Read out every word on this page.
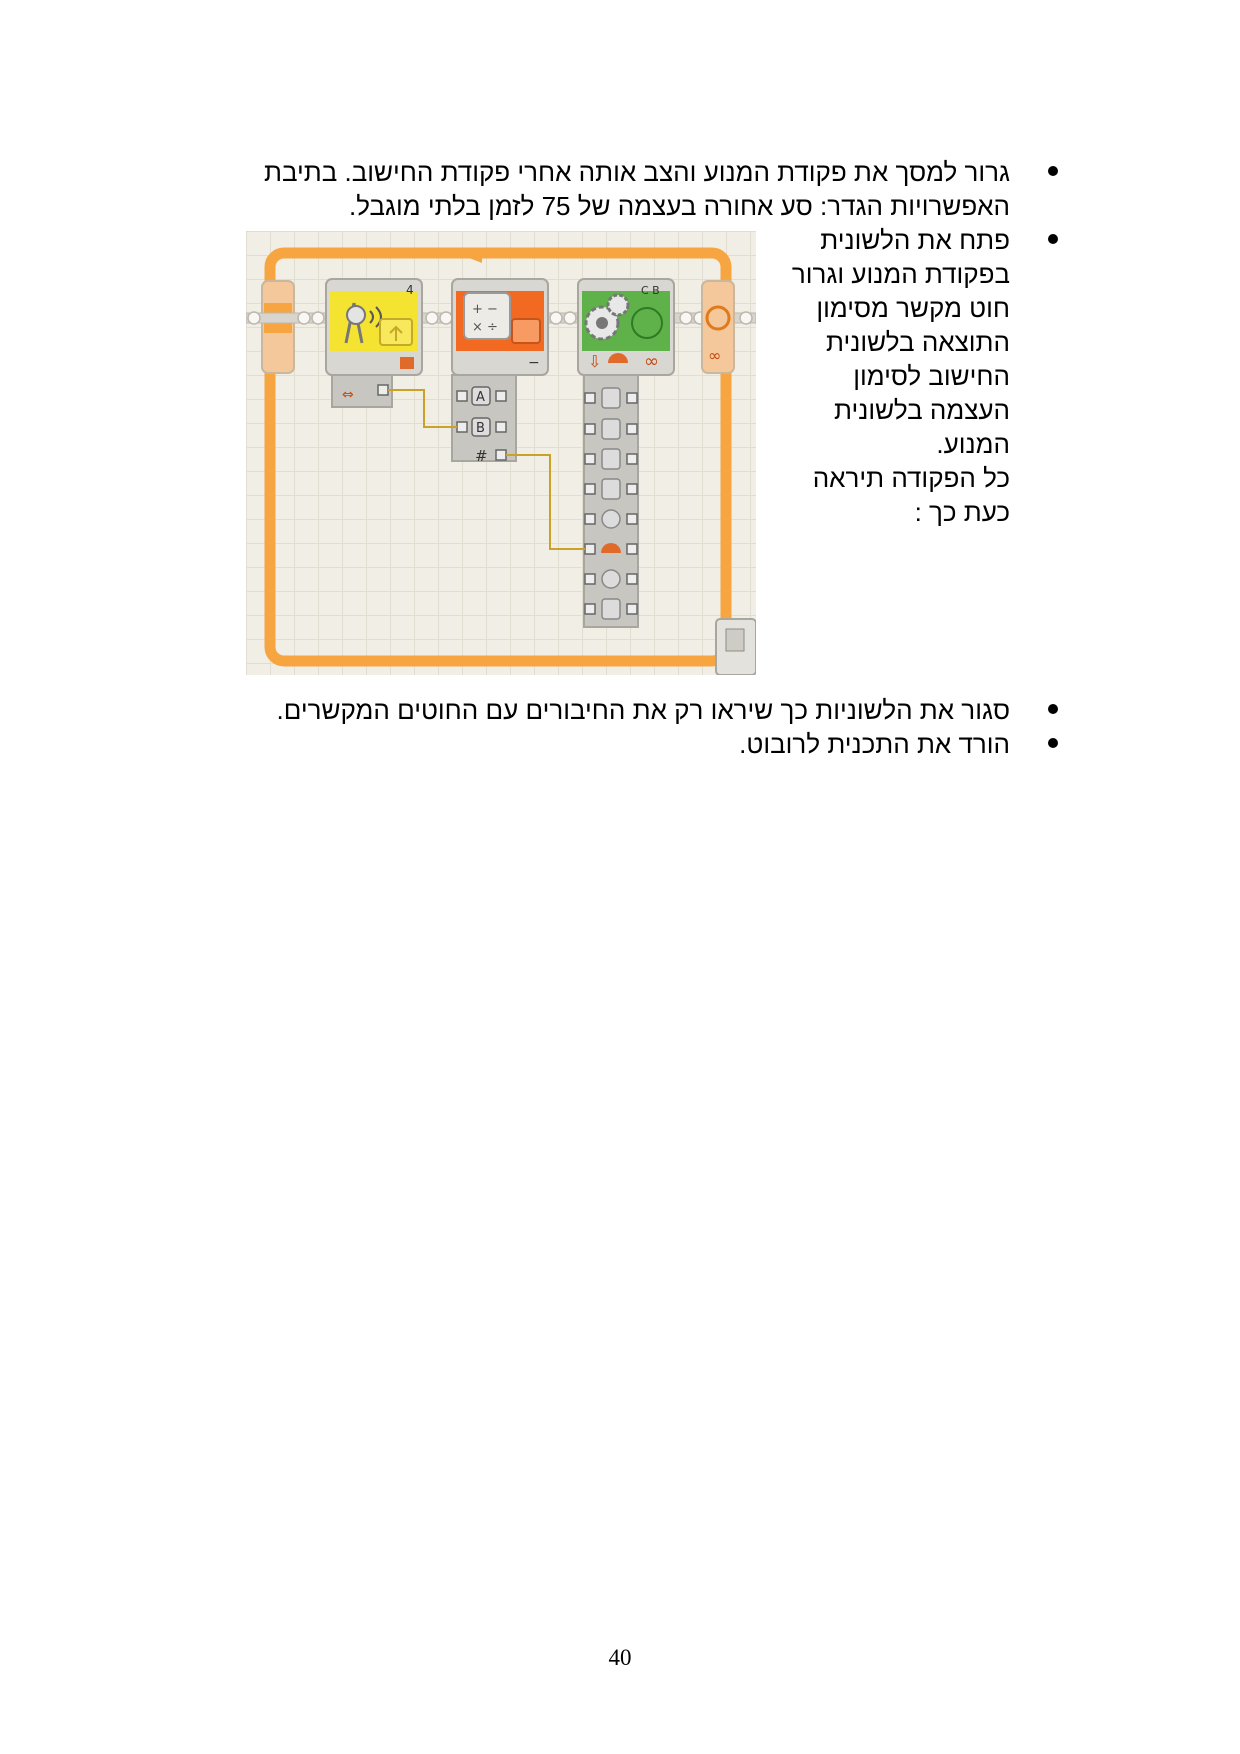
גרור למסך את פקודת המנוע והצב אותה אחרי פקודת החישוב. בתיבת
האפשרויות הגדר: סע אחורה בעצמה של 75 לזמן בלתי מוגבל.
פתח את הלשונית
בפקודת המנוע וגרור
חוט מקשר מסימון
התוצאה בלשונית
החישוב לסימון
העצמה בלשונית
המנוע.
כל הפקודה תיראה
כעת כך :
4
⇔
+ −
× ÷
−
A
B
#
C B
⇩ ∞	∞
סגור את הלשוניות כך שיראו רק את החיבורים עם החוטים המקשרים.
הורד את התכנית לרובוט.
40
